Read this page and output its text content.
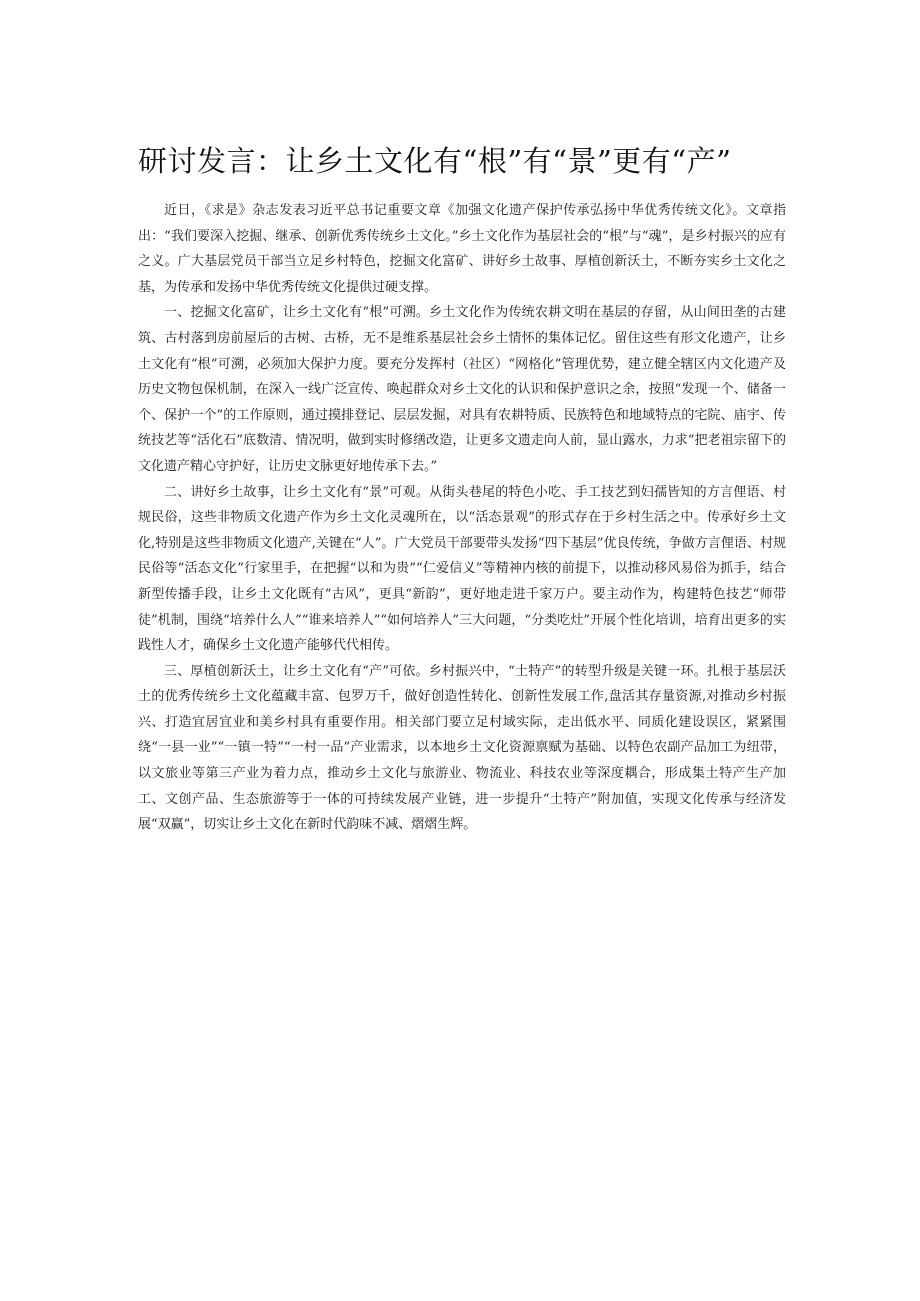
研讨发言：让乡土文化有“根”有“景”更有“产”

近日，《求是》杂志发表习近平总书记重要文章《加强文化遗产保护传承弘扬中华优秀传统文化》。文章指出：“我们要深入挖掘、继承、创新优秀传统乡土文化。”乡土文化作为基层社会的“根”与“魂”，是乡村振兴的应有之义。广大基层党员干部当立足乡村特色，挖掘文化富矿、讲好乡土故事、厚植创新沃土，不断夯实乡土文化之基，为传承和发扬中华优秀传统文化提供过硬支撑。

一、挖掘文化富矿，让乡土文化有“根”可溯。乡土文化作为传统农耕文明在基层的存留，从山间田垄的古建筑、古村落到房前屋后的古树、古桥，无不是维系基层社会乡土情怀的集体记忆。留住这些有形文化遗产，让乡土文化有“根”可溯，必须加大保护力度。要充分发挥村（社区）“网格化”管理优势，建立健全辖区内文化遗产及历史文物包保机制，在深入一线广泛宣传、唤起群众对乡土文化的认识和保护意识之余，按照“发现一个、储备一个、保护一个”的工作原则，通过摸排登记、层层发掘，对具有农耕特质、民族特色和地域特点的宅院、庙宇、传统技艺等“活化石”底数清、情况明，做到实时修缮改造，让更多文遗走向人前，显山露水，力求“把老祖宗留下的文化遗产精心守护好，让历史文脉更好地传承下去。”

二、讲好乡土故事，让乡土文化有“景”可观。从街头巷尾的特色小吃、手工技艺到妇孺皆知的方言俚语、村规民俗，这些非物质文化遗产作为乡土文化灵魂所在，以“活态景观”的形式存在于乡村生活之中。传承好乡土文化,特别是这些非物质文化遗产,关键在“人”。广大党员干部要带头发扬“四下基层”优良传统，争做方言俚语、村规民俗等“活态文化”行家里手，在把握“以和为贵”“仁爱信义”等精神内核的前提下，以推动移风易俗为抓手，结合新型传播手段，让乡土文化既有“古风”，更具“新韵”，更好地走进千家万户。要主动作为，构建特色技艺“师带徒”机制，围绕“培养什么人”“谁来培养人”“如何培养人”三大问题，“分类吃灶”开展个性化培训，培育出更多的实践性人才，确保乡土文化遗产能够代代相传。

三、厚植创新沃土，让乡土文化有“产”可依。乡村振兴中，“土特产”的转型升级是关键一环。扎根于基层沃土的优秀传统乡土文化蕴藏丰富、包罗万千，做好创造性转化、创新性发展工作,盘活其存量资源,对推动乡村振兴、打造宜居宜业和美乡村具有重要作用。相关部门要立足村域实际，走出低水平、同质化建设误区，紧紧围绕“一县一业”“一镇一特”“一村一品”产业需求，以本地乡土文化资源禀赋为基础、以特色农副产品加工为纽带，以文旅业等第三产业为着力点，推动乡土文化与旅游业、物流业、科技农业等深度耦合，形成集土特产生产加工、文创产品、生态旅游等于一体的可持续发展产业链，进一步提升“土特产”附加值，实现文化传承与经济发展“双赢”，切实让乡土文化在新时代韵味不减、熠熠生辉。
